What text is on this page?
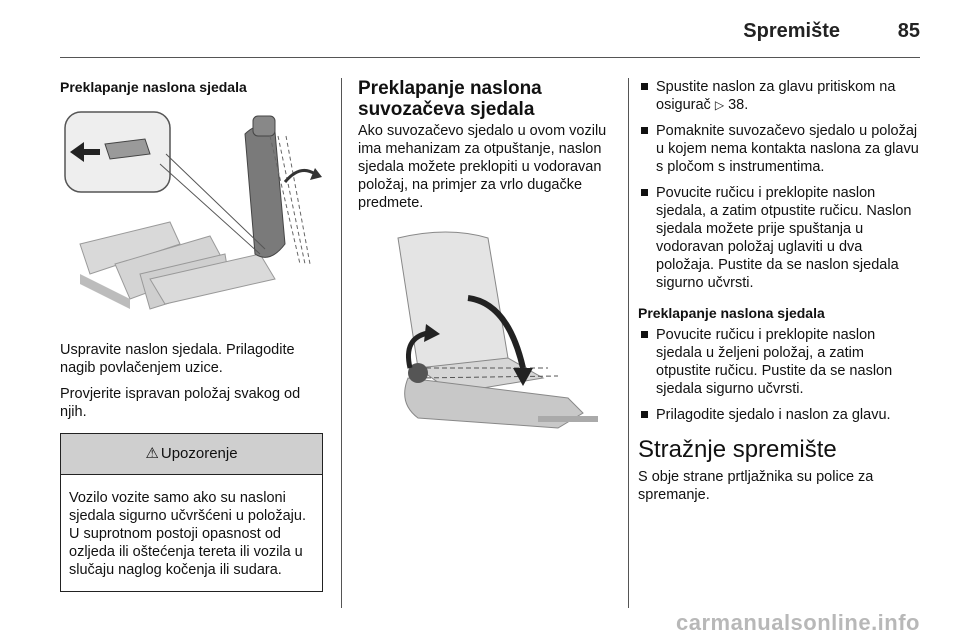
Spremište	85
Preklapanje naslona sjedala

Uspravite naslon sjedala. Prilagodite nagib povlačenjem uzice.

Provjerite ispravan položaj svakog od njih.

⚠ Upozorenje
Vozilo vozite samo ako su nasloni sjedala sigurno učvršćeni u položaju. U suprotnom postoji opasnost od ozljeda ili oštećenja tereta ili vozila u slučaju naglog kočenja ili sudara.
Preklapanje naslona suvozačeva sjedala

Ako suvozačevo sjedalo u ovom vozilu ima mehanizam za otpuštanje, naslon sjedala možete preklopiti u vodoravan položaj, na primjer za vrlo dugačke predmete.

Spustite naslon za glavu pritiskom na osigurač ▷ 38.
Pomaknite suvozačevo sjedalo u položaj u kojem nema kontakta naslona za glavu s pločom s instrumentima.
Povucite ručicu i preklopite naslon sjedala, a zatim otpustite ručicu. Naslon sjedala možete prije spuštanja u vodoravan položaj uglaviti u dva položaja. Pustite da se naslon sjedala sigurno učvrsti.
Preklapanje naslona sjedala
Povucite ručicu i preklopite naslon sjedala u željeni položaj, a zatim otpustite ručicu. Pustite da se naslon sjedala sigurno učvrsti.
Prilagodite sjedalo i naslon za glavu.
Stražnje spremište

S obje strane prtljažnika su police za spremanje.

carmanualsonline.info
